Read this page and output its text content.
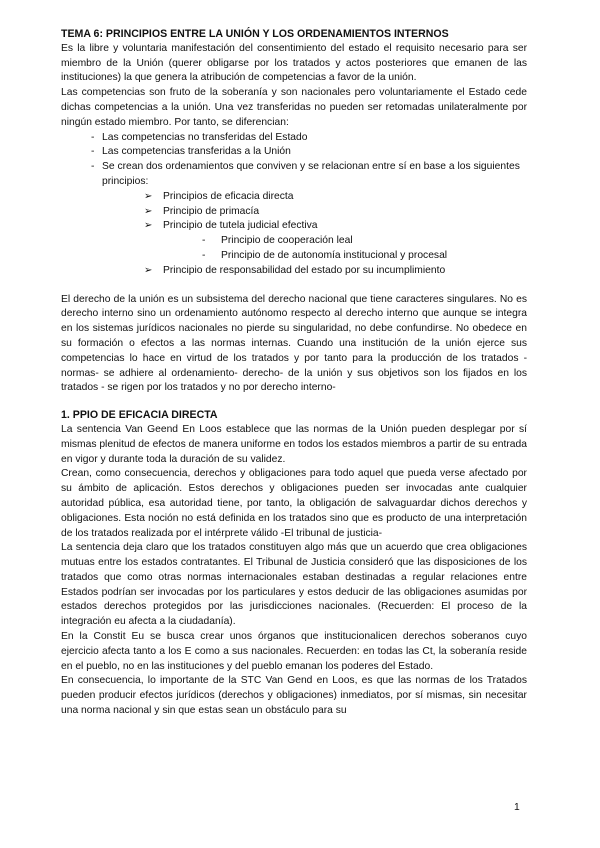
TEMA 6: PRINCIPIOS ENTRE LA UNIÓN Y LOS ORDENAMIENTOS INTERNOS

Es la libre y voluntaria manifestación del consentimiento del estado el requisito necesario para ser miembro de la Unión (querer obligarse por los tratados y actos posteriores que emanen de las instituciones) la que genera la atribución de competencias a favor de la unión.

Las competencias son fruto de la soberanía y son nacionales pero voluntariamente el Estado cede dichas competencias a la unión. Una vez transferidas no pueden ser retomadas unilateralmente por ningún estado miembro. Por tanto, se diferencian:

- Las competencias no transferidas del Estado
- Las competencias transferidas a la Unión
- Se crean dos ordenamientos que conviven y se relacionan entre sí en base a los siguientes principios:
➢ Principios de eficacia directa
➢ Principio de primacía
➢ Principio de tutela judicial efectiva
- Principio de cooperación leal
- Principio de de autonomía institucional y procesal
➢ Principio de responsabilidad del estado por su incumplimiento

El derecho de la unión es un subsistema del derecho nacional que tiene caracteres singulares. No es derecho interno sino un ordenamiento autónomo respecto al derecho interno que aunque se integra en los sistemas jurídicos nacionales no pierde su singularidad, no debe confundirse. No obedece en su formación o efectos a las normas internas. Cuando una institución de la unión ejerce sus competencias lo hace en virtud de los tratados y por tanto para la producción de los tratados - normas- se adhiere al ordenamiento- derecho- de la unión y sus objetivos son los fijados en los tratados - se rigen por los tratados y no por derecho interno-

1. PPIO DE EFICACIA DIRECTA

La sentencia Van Geend En Loos establece que las normas de la Unión pueden desplegar por sí mismas plenitud de efectos de manera uniforme en todos los estados miembros a partir de su entrada en vigor y durante toda la duración de su validez.

Crean, como consecuencia, derechos y obligaciones para todo aquel que pueda verse afectado por su ámbito de aplicación. Estos derechos y obligaciones pueden ser invocadas ante cualquier autoridad pública, esa autoridad tiene, por tanto, la obligación de salvaguardar dichos derechos y obligaciones. Esta noción no está definida en los tratados sino que es producto de una interpretación de los tratados realizada por el intérprete válido -El tribunal de justicia-

La sentencia deja claro que los tratados constituyen algo más que un acuerdo que crea obligaciones mutuas entre los estados contratantes. El Tribunal de Justicia consideró que las disposiciones de los tratados que como otras normas internacionales estaban destinadas a regular relaciones entre Estados podrían ser invocadas por los particulares y estos deducir de las obligaciones asumidas por estados derechos protegidos por las jurisdicciones nacionales. (Recuerden: El proceso de la integración eu afecta a la ciudadanía).

En la Constit Eu se busca crear unos órganos que institucionalicen derechos soberanos cuyo ejercicio afecta tanto a los E como a sus nacionales. Recuerden: en todas las Ct, la soberanía reside en el pueblo, no en las instituciones y del pueblo emanan los poderes del Estado.

En consecuencia, lo importante de la STC Van Gend en Loos, es que las normas de los Tratados pueden producir efectos jurídicos (derechos y obligaciones) inmediatos, por sí mismas, sin necesitar una norma nacional y sin que estas sean un obstáculo para su

1
